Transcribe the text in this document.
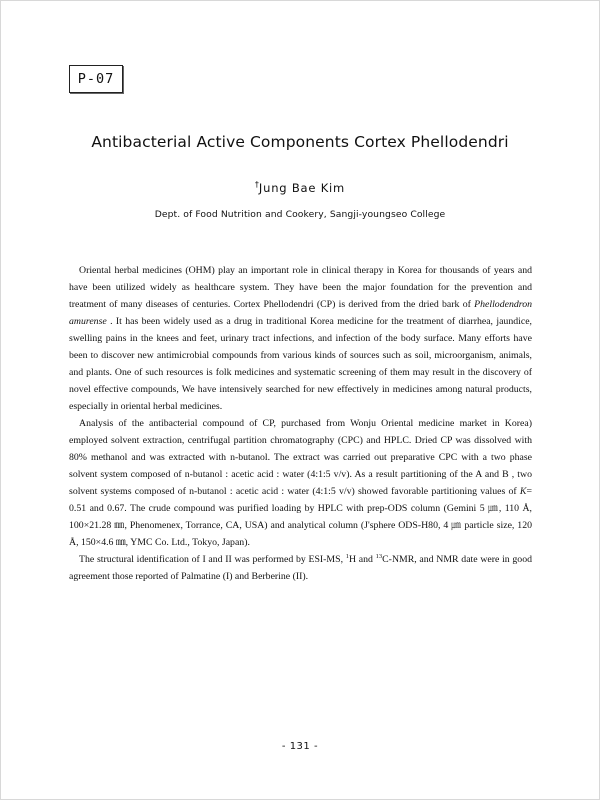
P-07
Antibacterial Active Components Cortex Phellodendri
†Jung Bae Kim
Dept. of Food Nutrition and Cookery, Sangji-youngseo College

Oriental herbal medicines (OHM) play an important role in clinical therapy in Korea for thousands of years and have been utilized widely as healthcare system. They have been the major foundation for the prevention and treatment of many diseases of centuries. Cortex Phellodendri (CP) is derived from the dried bark of Phellodendron amurense . It has been widely used as a drug in traditional Korea medicine for the treatment of diarrhea, jaundice, swelling pains in the knees and feet, urinary tract infections, and infection of the body surface. Many efforts have been to discover new antimicrobial compounds from various kinds of sources such as soil, microorganism, animals, and plants. One of such resources is folk medicines and systematic screening of them may result in the discovery of novel effective compounds, We have intensively searched for new effectively in medicines among natural products, especially in oriental herbal medicines.

Analysis of the antibacterial compound of CP, purchased from Wonju Oriental medicine market in Korea) employed solvent extraction, centrifugal partition chromatography (CPC) and HPLC. Dried CP was dissolved with 80% methanol and was extracted with n-butanol. The extract was carried out preparative CPC with a two phase solvent system composed of n-butanol : acetic acid : water (4:1:5 v/v). As a result partitioning of the A and B , two solvent systems composed of n-butanol : acetic acid : water (4:1:5 v/v) showed favorable partitioning values of K= 0.51 and 0.67. The crude compound was purified loading by HPLC with prep-ODS column (Gemini 5 ㎛, 110 Å, 100×21.28 ㎜, Phenomenex, Torrance, CA, USA) and analytical column (J'sphere ODS-H80, 4 ㎛ particle size, 120 Å, 150×4.6 ㎜, YMC Co. Ltd., Tokyo, Japan).

The structural identification of I and II was performed by ESI-MS, $^1$H and $^{13}$C-NMR, and NMR date were in good agreement those reported of Palmatine (I) and Berberine (II).

- 131 -
